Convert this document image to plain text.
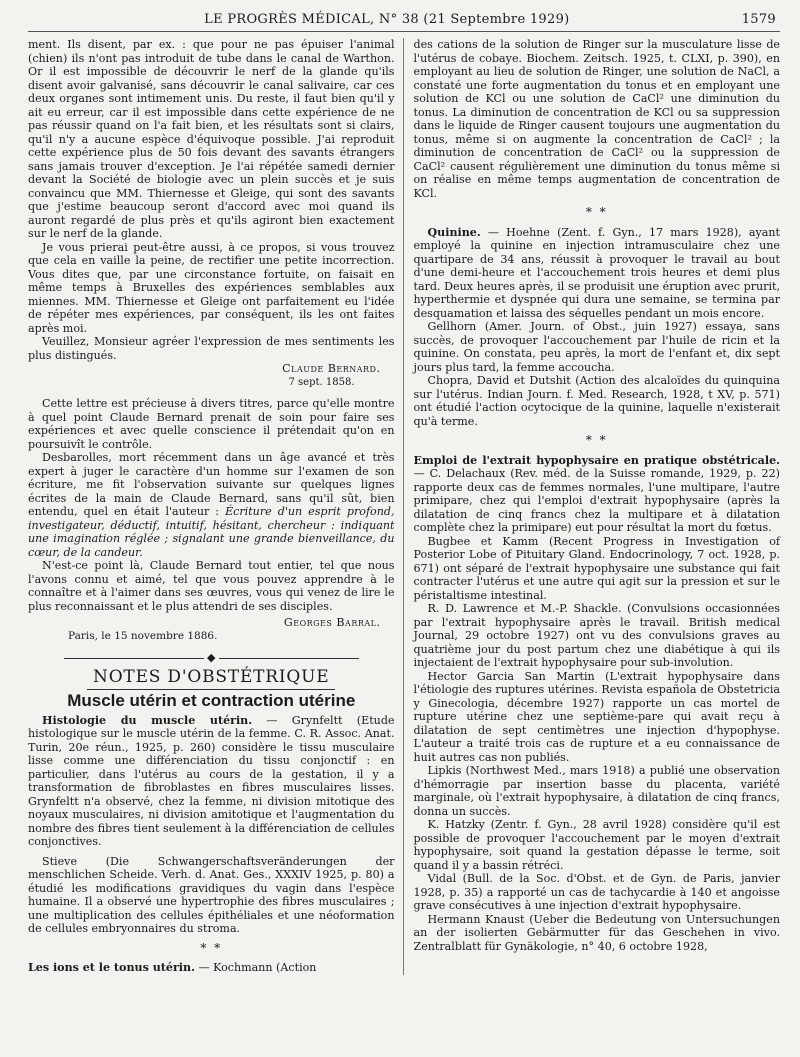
LE PROGRÈS MÉDICAL, N° 38 (21 Septembre 1929)	1579

ment. Ils disent, par ex. : que pour ne pas épuiser l'animal (chien) ils n'ont pas introduit de tube dans le canal de Warthon. Or il est impossible de découvrir le nerf de la glande qu'ils disent avoir galvanisé, sans découvrir le canal salivaire, car ces deux organes sont intimement unis. Du reste, il faut bien qu'il y ait eu erreur, car il est impossible dans cette expérience de ne pas réussir quand on l'a fait bien, et les résultats sont si clairs, qu'il n'y a aucune espèce d'équivoque possible. J'ai reproduit cette expérience plus de 50 fois devant des savants étrangers sans jamais trouver d'exception. Je l'ai répétée samedi dernier devant la Société de biologie avec un plein succès et je suis convaincu que MM. Thiernesse et Gleige, qui sont des savants que j'estime beaucoup seront d'accord avec moi quand ils auront regardé de plus près et qu'ils agiront bien exactement sur le nerf de la glande.

Je vous prierai peut-être aussi, à ce propos, si vous trouvez que cela en vaille la peine, de rectifier une petite incorrection. Vous dites que, par une circonstance fortuite, on faisait en même temps à Bruxelles des expériences semblables aux miennes. MM. Thiernesse et Gleige ont parfaitement eu l'idée de répéter mes expériences, par conséquent, ils les ont faites après moi.

Veuillez, Monsieur agréer l'expression de mes sentiments les plus distingués.

Claude Bernard.

7 sept. 1858.

Cette lettre est précieuse à divers titres, parce qu'elle montre à quel point Claude Bernard prenait de soin pour faire ses expériences et avec quelle conscience il prétendait qu'on en poursuivît le contrôle.

Desbarolles, mort récemment dans un âge avancé et très expert à juger le caractère d'un homme sur l'examen de son écriture, me fit l'observation suivante sur quelques lignes écrites de la main de Claude Bernard, sans qu'il sût, bien entendu, quel en était l'auteur : Écriture d'un esprit profond, investigateur, déductif, intuitif, hésitant, chercheur : indiquant une imagination réglée ; signalant une grande bienveillance, du cœur, de la candeur.

N'est-ce point là, Claude Bernard tout entier, tel que nous l'avons connu et aimé, tel que vous pouvez apprendre à le connaître et à l'aimer dans ses œuvres, vous qui venez de lire le plus reconnaissant et le plus attendri de ses disciples.

Georges Barral.

Paris, le 15 novembre 1886.

◆
NOTES D'OBSTÉTRIQUE
Muscle utérin et contraction utérine

Histologie du muscle utérin. — Grynfeltt (Etude histologique sur le muscle utérin de la femme. C. R. Assoc. Anat. Turin, 20e réun., 1925, p. 260) considère le tissu musculaire lisse comme une différenciation du tissu conjonctif : en particulier, dans l'utérus au cours de la gestation, il y a transformation de fibroblastes en fibres musculaires lisses. Grynfeltt n'a observé, chez la femme, ni division mitotique des noyaux musculaires, ni division amitotique et l'augmentation du nombre des fibres tient seulement à la différenciation de cellules conjonctives.

Stieve (Die Schwangerschaftsveränderungen der menschlichen Scheide. Verh. d. Anat. Ges., XXXIV 1925, p. 80) a étudié les modifications gravidiques du vagin dans l'espèce humaine. Il a observé une hypertrophie des fibres musculaires ; une multiplication des cellules épithéliales et une néoformation de cellules embryonnaires du stroma.

* *

Les ions et le tonus utérin. — Kochmann (Action

des cations de la solution de Ringer sur la musculature lisse de l'utérus de cobaye. Biochem. Zeitsch. 1925, t. CLXI, p. 390), en employant au lieu de solution de Ringer, une solution de NaCl, a constaté une forte augmentation du tonus et en employant une solution de KCl ou une solution de CaCl² une diminution du tonus. La diminution de concentration de KCl ou sa suppression dans le liquide de Ringer causent toujours une augmentation du tonus, même si on augmente la concentration de CaCl² ; la diminution de concentration de CaCl² ou la suppression de CaCl² causent régulièrement une diminution du tonus même si on réalise en même temps augmentation de concentration de KCl.

* *

Quinine. — Hoehne (Zent. f. Gyn., 17 mars 1928), ayant employé la quinine en injection intramusculaire chez une quartipare de 34 ans, réussit à provoquer le travail au bout d'une demi-heure et l'accouchement trois heures et demi plus tard. Deux heures après, il se produisit une éruption avec prurit, hyperthermie et dyspnée qui dura une semaine, se termina par desquamation et laissa des séquelles pendant un mois encore.

Gellhorn (Amer. Journ. of Obst., juin 1927) essaya, sans succès, de provoquer l'accouchement par l'huile de ricin et la quinine. On constata, peu après, la mort de l'enfant et, dix sept jours plus tard, la femme accoucha.

Chopra, David et Dutshit (Action des alcaloïdes du quinquina sur l'utérus. Indian Journ. f. Med. Research, 1928, t XV, p. 571) ont étudié l'action ocytocique de la quinine, laquelle n'existerait qu'à terme.

* *

Emploi de l'extrait hypophysaire en pratique obstétricale. — C. Delachaux (Rev. méd. de la Suisse romande, 1929, p. 22) rapporte deux cas de femmes normales, l'une multipare, l'autre primipare, chez qui l'emploi d'extrait hypophysaire (après la dilatation de cinq francs chez la multipare et à dilatation complète chez la primipare) eut pour résultat la mort du fœtus.

Bugbee et Kamm (Recent Progress in Investigation of Posterior Lobe of Pituitary Gland. Endocrinology, 7 oct. 1928, p. 671) ont séparé de l'extrait hypophysaire une substance qui fait contracter l'utérus et une autre qui agit sur la pression et sur le péristaltisme intestinal.

R. D. Lawrence et M.-P. Shackle. (Convulsions occasionnées par l'extrait hypophysaire après le travail. British medical Journal, 29 octobre 1927) ont vu des convulsions graves au quatrième jour du post partum chez une diabétique à qui ils injectaient de l'extrait hypophysaire pour sub-involution.

Hector Garcia San Martin (L'extrait hypophysaire dans l'étiologie des ruptures utérines. Revista española de Obstetricia y Ginecologia, décembre 1927) rapporte un cas mortel de rupture utérine chez une septième-pare qui avait reçu à dilatation de sept centimètres une injection d'hypophyse. L'auteur a traité trois cas de rupture et a eu connaissance de huit autres cas non publiés.

Lipkis (Northwest Med., mars 1918) a publié une observation d'hémorragie par insertion basse du placenta, variété marginale, où l'extrait hypophysaire, à dilatation de cinq francs, donna un succès.

K. Hatzky (Zentr. f. Gyn., 28 avril 1928) considère qu'il est possible de provoquer l'accouchement par le moyen d'extrait hypophysaire, soit quand la gestation dépasse le terme, soit quand il y a bassin rétréci.

Vidal (Bull. de la Soc. d'Obst. et de Gyn. de Paris, janvier 1928, p. 35) a rapporté un cas de tachycardie à 140 et angoisse grave consécutives à une injection d'extrait hypophysaire.

Hermann Knaust (Ueber die Bedeutung von Untersuchungen an der isolierten Gebärmutter für das Geschehen in vivo. Zentralblatt für Gynäkologie, n° 40, 6 octobre 1928,
